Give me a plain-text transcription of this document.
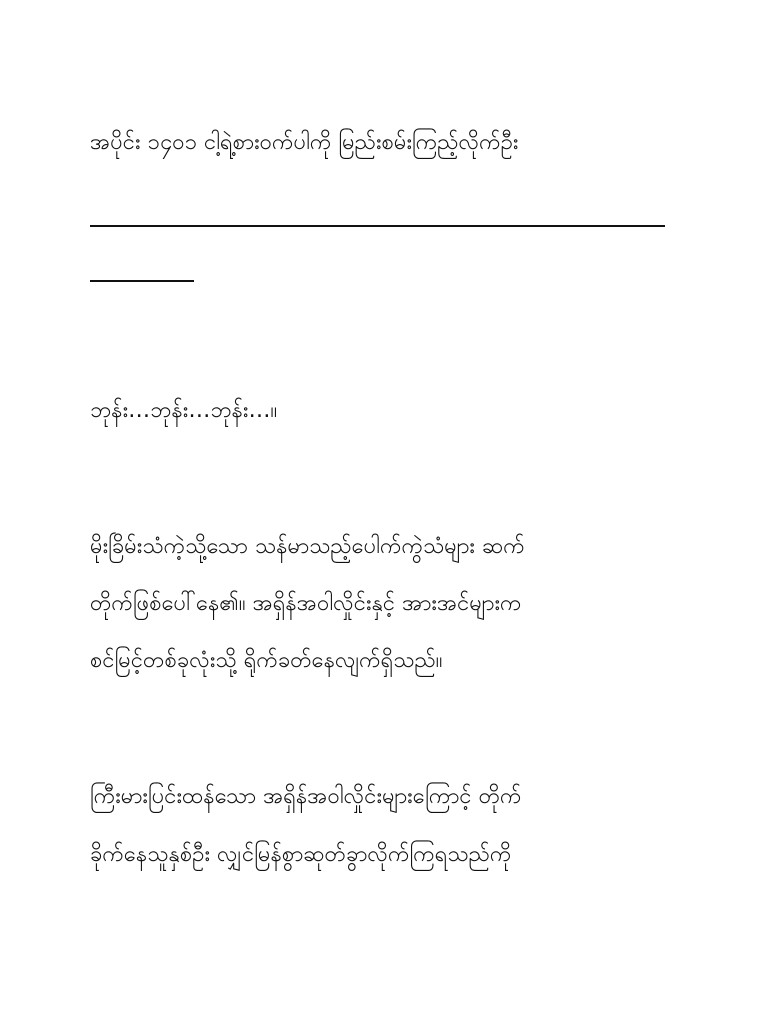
အပိုင်း ၁၄၀၁ ငါ့ရဲ့စားဝက်ပါကို မြည်းစမ်းကြည့်လိုက်ဦး
ဘုန်း…ဘုန်း…ဘုန်း…။
မိုးခြိမ်းသံကဲ့သို့သော သန်မာသည့်ပေါက်ကွဲသံများ ဆက်
တိုက်ဖြစ်ပေါ်နေ၏။ အရှိန်အဝါလှိုင်းနှင့် အားအင်များက
စင်မြင့်တစ်ခုလုံးသို့ ရိုက်ခတ်နေလျက်ရှိသည်။
ကြီးမားပြင်းထန်သော အရှိန်အဝါလှိုင်းများကြောင့် တိုက်
ခိုက်နေသူနှစ်ဦး လျှင်မြန်စွာဆုတ်ခွာလိုက်ကြရသည်ကို
